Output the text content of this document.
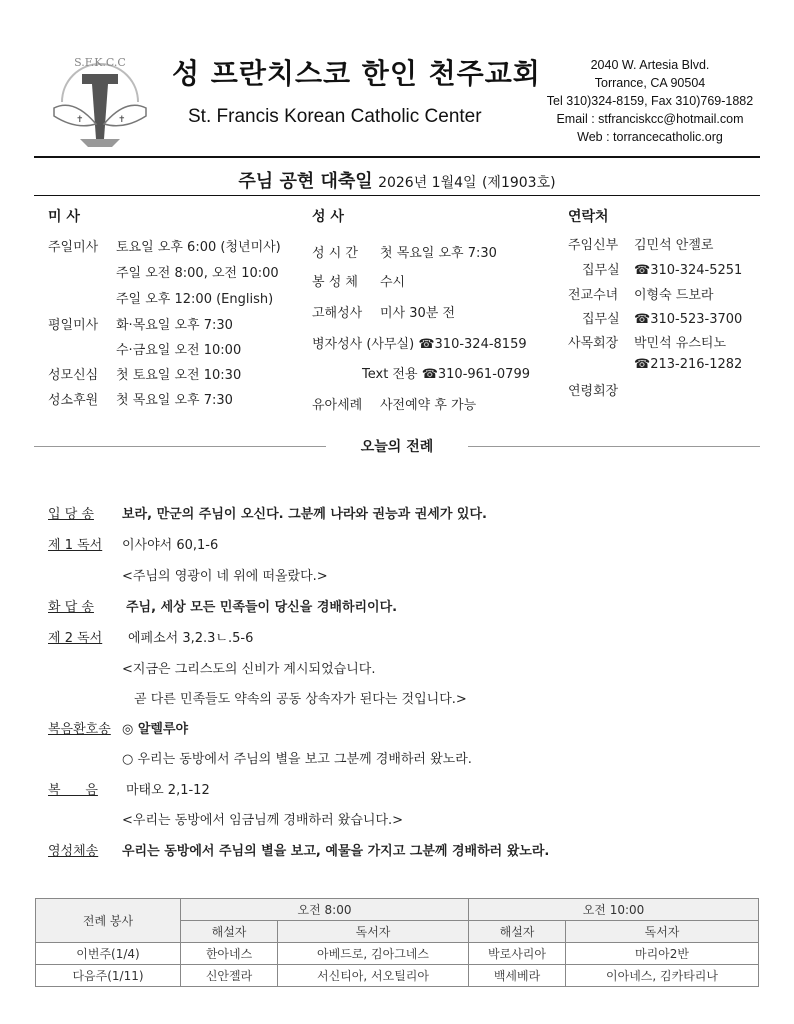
S.F.K.C.C
✝	✝
성 프란치스코 한인 천주교회
St. Francis Korean Catholic Center
2040 W. Artesia Blvd.
Torrance, CA 90504
Tel 310)324-8159, Fax 310)769-1882
Email : stfranciskcc@hotmail.com
Web : torrancecatholic.org
주님 공현 대축일 2026년 1월4일 (제1903호)
미 사
주일미사 토요일 오후 6:00 (청년미사)
주일 오전 8:00, 오전 10:00
주일 오후 12:00 (English)
평일미사 화·목요일 오후 7:30
수·금요일 오전 10:00
성모신심 첫 토요일 오전 10:30
성소후원 첫 목요일 오후 7:30
성 사
성 시 간 첫 목요일 오후 7:30
봉 성 체 수시
고해성사 미사 30분 전
병자성사 (사무실) ☎310-324-8159
Text 전용 ☎310-961-0799
유아세례 사전예약 후 가능
연락처
주임신부 김민석 안젤로
집무실 ☎310-324-5251
전교수녀 이형숙 드보라
집무실 ☎310-523-3700
사목회장 박민석 유스티노
☎213-216-1282
연령회장
오늘의 전례
입 당 송 보라, 만군의 주님이 오신다. 그분께 나라와 권능과 권세가 있다.
제 1 독서 이사야서 60,1-6
<주님의 영광이 네 위에 떠올랐다.>
화 답 송 주님, 세상 모든 민족들이 당신을 경배하리이다.
제 2 독서 에페소서 3,2.3ㄴ.5-6
<지금은 그리스도의 신비가 계시되었습니다.
곧 다른 민족들도 약속의 공동 상속자가 된다는 것입니다.>
복음환호송 ◎ 알렐루야
○ 우리는 동방에서 주님의 별을 보고 그분께 경배하러 왔노라.
복      음 마태오 2,1-12
<우리는 동방에서 임금님께 경배하러 왔습니다.>
영성체송 우리는 동방에서 주님의 별을 보고, 예물을 가지고 그분께 경배하러 왔노라.
전례 봉사	오전 8:00		오전 10:00	
	해설자	독서자	해설자	독서자
이번주(1/4)	한아네스	아베드로, 김아그네스	박로사리아	마리아2반
다음주(1/11)	신안젤라	서신티아, 서오틸리아	백세베라	이아네스, 김카타리나
